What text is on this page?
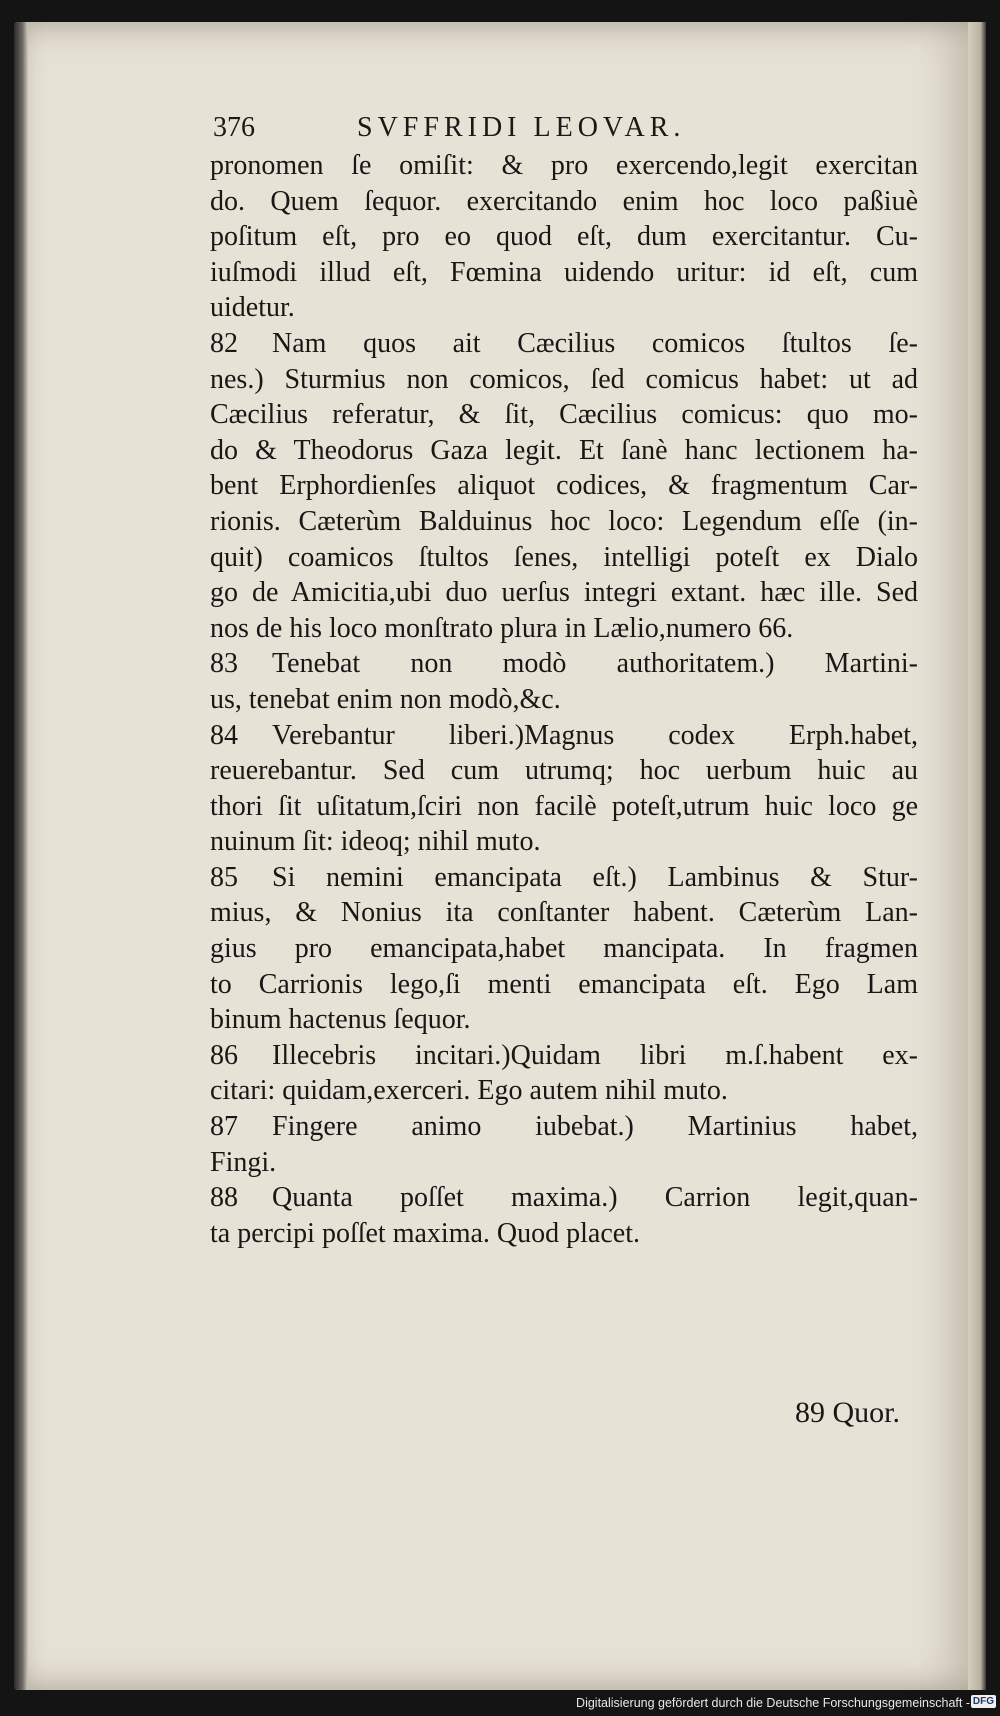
376	SVFFRIDI LEOVAR.
pronomen ſe omiſit: & pro exercendo,legit exercitan
do. Quem ſequor. exercitando enim hoc loco paßiuè
poſitum eſt, pro eo quod eſt, dum exercitantur. Cu-
iuſmodi illud eſt, Fœmina uidendo uritur: id eſt, cum
uidetur.
82 Nam quos ait Cæcilius comicos ſtultos ſe-
nes.) Sturmius non comicos, ſed comicus habet: ut ad
Cæcilius referatur, & ſit, Cæcilius comicus: quo mo-
do & Theodorus Gaza legit. Et ſanè hanc lectionem ha-
bent Erphordienſes aliquot codices, & fragmentum Car-
rionis. Cæterùm Balduinus hoc loco: Legendum eſſe (in-
quit) coamicos ſtultos ſenes, intelligi poteſt ex Dialo
go de Amicitia,ubi duo uerſus integri extant. hæc ille. Sed
nos de his loco monſtrato plura in Lælio,numero 66.
83 Tenebat non modò authoritatem.) Martini-
us, tenebat enim non modò,&c.
84 Verebantur liberi.)Magnus codex Erph.habet,
reuerebantur. Sed cum utrumq; hoc uerbum huic au
thori ſit uſitatum,ſciri non facilè poteſt,utrum huic loco ge
nuinum ſit: ideoq; nihil muto.
85 Si nemini emancipata eſt.) Lambinus & Stur-
mius, & Nonius ita conſtanter habent. Cæterùm Lan-
gius pro emancipata,habet mancipata. In fragmen
to Carrionis lego,ſi menti emancipata eſt. Ego Lam
binum hactenus ſequor.
86 Illecebris incitari.)Quidam libri m.ſ.habent ex-
citari: quidam,exerceri. Ego autem nihil muto.
87 Fingere animo iubebat.) Martinius habet,
Fingi.
88 Quanta poſſet maxima.) Carrion legit,quan-
ta percipi poſſet maxima. Quod placet.
89 Quor.
Digitalisierung gefördert durch die Deutsche Forschungsgemeinschaft - DFG
